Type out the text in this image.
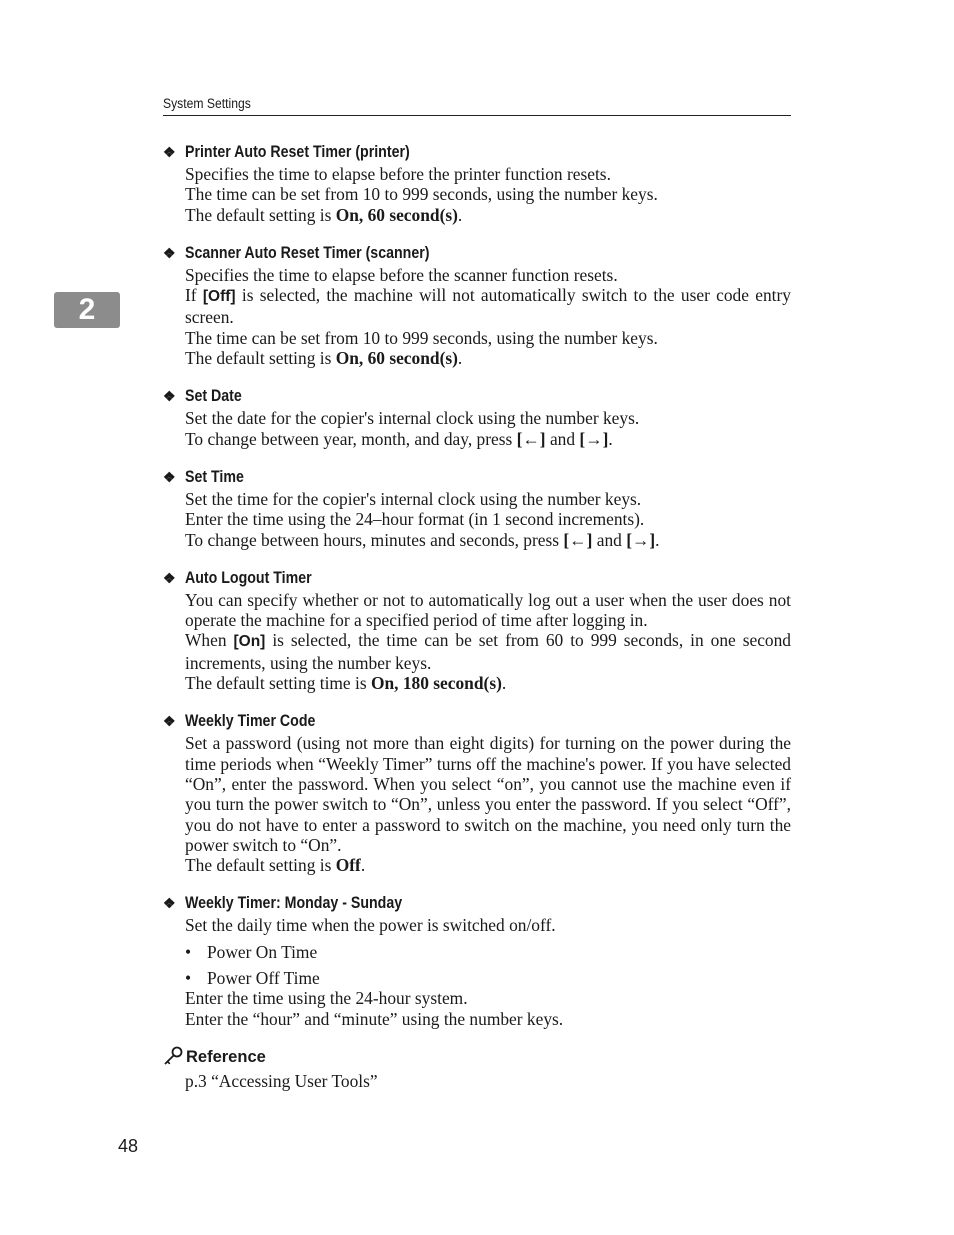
System Settings
2
❖ Printer Auto Reset Timer (printer)

Specifies the time to elapse before the printer function resets.

The time can be set from 10 to 999 seconds, using the number keys.

The default setting is On, 60 second(s).

❖ Scanner Auto Reset Timer (scanner)

Specifies the time to elapse before the scanner function resets.

If [Off] is selected, the machine will not automatically switch to the user code entry screen.

The time can be set from 10 to 999 seconds, using the number keys.

The default setting is On, 60 second(s).

❖ Set Date

Set the date for the copier's internal clock using the number keys.

To change between year, month, and day, press [←] and [→].

❖ Set Time

Set the time for the copier's internal clock using the number keys.

Enter the time using the 24–hour format (in 1 second increments).

To change between hours, minutes and seconds, press [←] and [→].

❖ Auto Logout Timer

You can specify whether or not to automatically log out a user when the user does not operate the machine for a specified period of time after logging in.

When [On] is selected, the time can be set from 60 to 999 seconds, in one second increments, using the number keys.

The default setting time is On, 180 second(s).

❖ Weekly Timer Code

Set a password (using not more than eight digits) for turning on the power during the time periods when “Weekly Timer” turns off the machine's power. If you have selected “On”, enter the password. When you select “on”, you cannot use the machine even if you turn the power switch to “On”, unless you enter the password. If you select “Off”, you do not have to enter a password to switch on the machine, you need only turn the power switch to “On”.

The default setting is Off.

❖ Weekly Timer: Monday - Sunday

Set the daily time when the power is switched on/off.

• Power On Time

• Power Off Time

Enter the time using the 24-hour system.

Enter the “hour” and “minute” using the number keys.

Reference

p.3 “Accessing User Tools”

48
